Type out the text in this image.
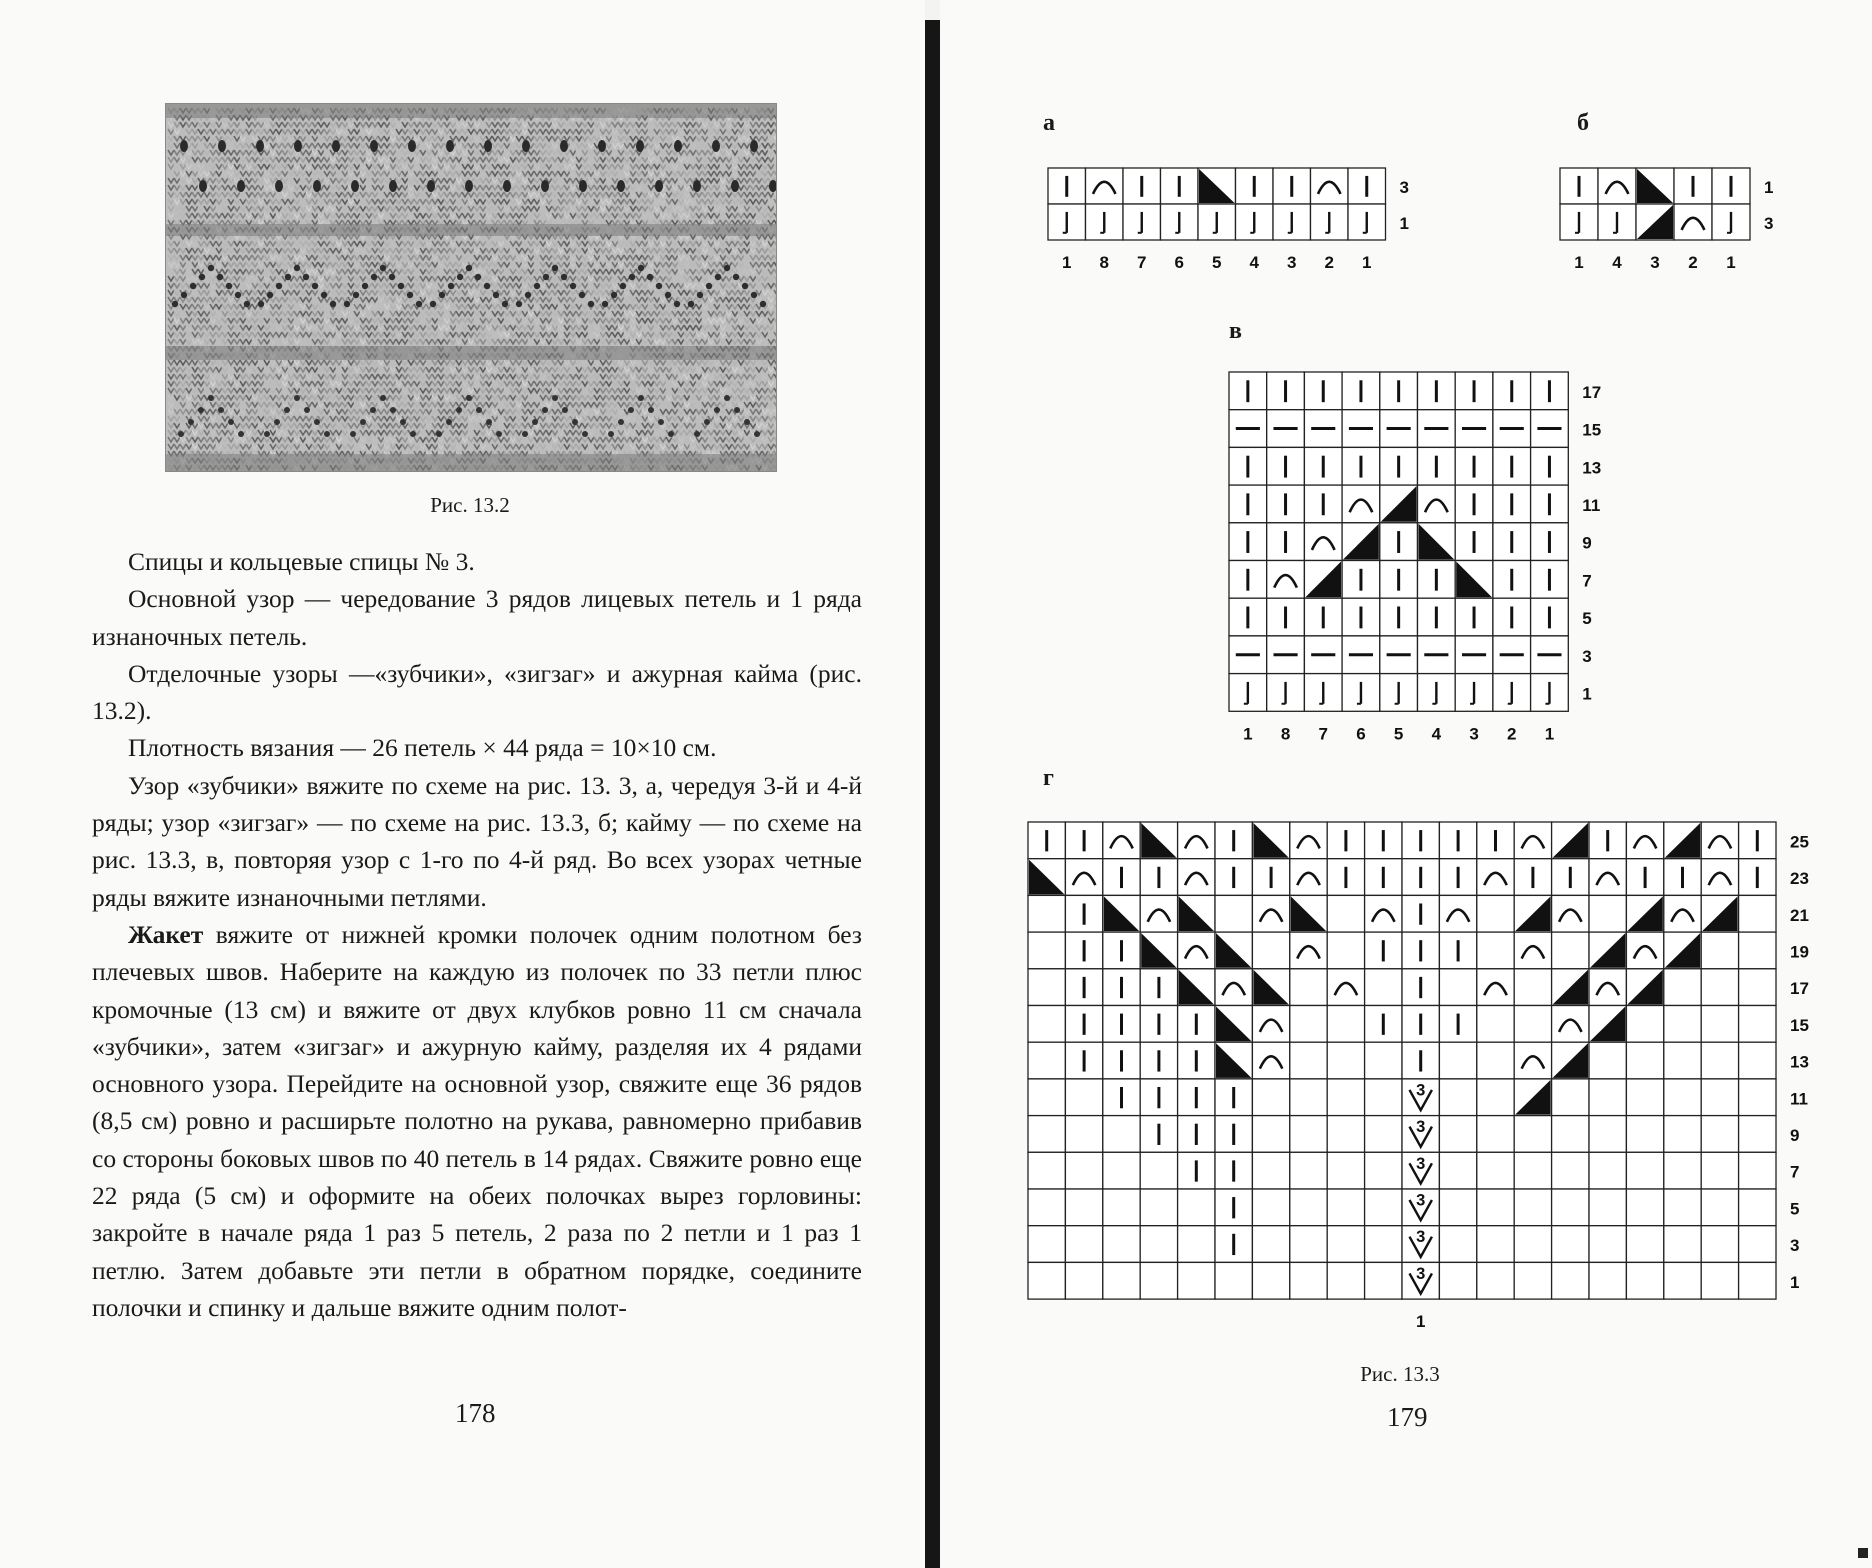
Рис. 13.2

Спицы и кольцевые спицы № 3.

Основной узор — чередование 3 рядов лицевых петель и 1 ряда изнаночных петель.

Отделочные узоры —«зубчики», «зигзаг» и ажурная кайма (рис. 13.2).

Плотность вязания — 26 петель × 44 ряда = 10×10 см.

Узор «зубчики» вяжите по схеме на рис. 13. 3, а, чередуя 3-й и 4-й ряды; узор «зигзаг» — по схеме на рис. 13.3, б; кайму — по схеме на рис. 13.3, в, повторяя узор с 1-го по 4-й ряд. Во всех узорах четные ряды вяжите изнаночными петлями.

Жакет вяжите от нижней кромки полочек одним полотном без плечевых швов. Наберите на каждую из полочек по 33 петли плюс кромочные (13 см) и вяжите от двух клубков ровно 11 см сначала «зубчики», затем «зигзаг» и ажурную кайму, разделяя их 4 рядами основного узора. Перейдите на основной узор, свяжите еще 36 рядов (8,5 см) ровно и расширьте полотно на рукава, равномерно прибавив со стороны боковых швов по 40 петель в 14 рядах. Свяжите ровно еще 22 ряда (5 см) и оформите на обеих полочках вырез горловины: закройте в начале ряда 1 раз 5 петель, 2 раза по 2 петли и 1 раз 1 петлю. Затем добавьте эти петли в обратном порядке, соедините полочки и спинку и дальше вяжите одним полот-

178
а
3
1
1 8 7 6 5 4 3 2 1
б
1
3
1 4 3 2 1
в
17
15
13
11
9
7
5
3
1
1 8 7 6 5 4 3 2 1
г
3
3
3
3
3
3
25
23
21
19
17
15
13
11
9
7
5
3
1
1
Рис. 13.3
179
